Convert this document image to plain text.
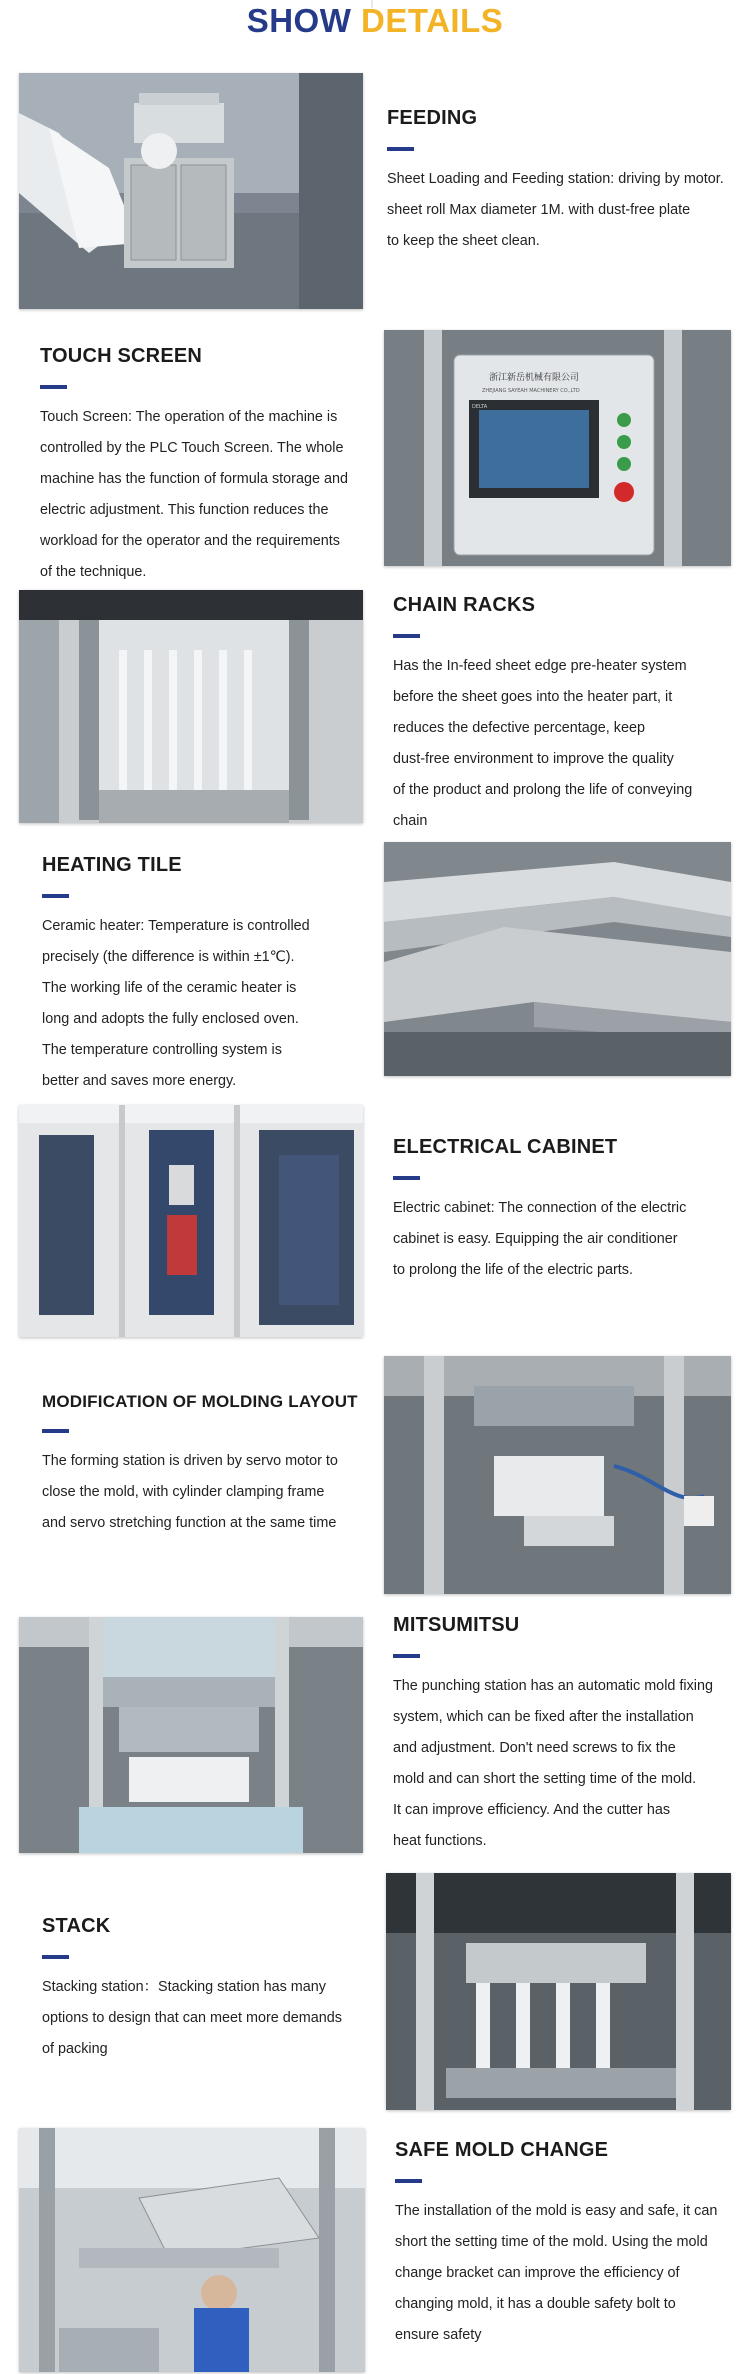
SHOW DETAILS
FEEDING

Sheet Loading and Feeding station: driving by motor.

sheet roll Max diameter 1M. with dust-free plate

to keep the sheet clean.

TOUCH SCREEN

Touch Screen: The operation of the machine is

controlled by the PLC Touch Screen. The whole

machine has the function of formula storage and

electric adjustment. This function reduces the

workload for the operator and the requirements

of the technique.

浙江新岳机械有限公司
ZHEJIANG SAYEAH MACHINERY CO.,LTD
DELTA
CHAIN RACKS

Has the In-feed sheet edge pre-heater system

before the sheet goes into the heater part, it

reduces the defective percentage, keep

dust-free environment to improve the quality

of the product and prolong the life of conveying

chain

HEATING TILE

Ceramic heater: Temperature is controlled

precisely (the difference is within ±1℃).

The working life of the ceramic heater is

long and adopts the fully enclosed oven.

The temperature controlling system is

better and saves more energy.

ELECTRICAL CABINET

Electric cabinet: The connection of the electric

cabinet is easy. Equipping the air conditioner

to prolong the life of the electric parts.

MODIFICATION OF MOLDING LAYOUT

The forming station is driven by servo motor to

close the mold, with cylinder clamping frame

and servo stretching function at the same time

MITSUMITSU

The punching station has an automatic mold fixing

system, which can be fixed after the installation

and adjustment. Don't need screws to fix the

mold and can short the setting time of the mold.

It can improve efficiency. And the cutter has

heat functions.

STACK

Stacking station：Stacking station has many

options to design that can meet more demands

of packing

SAFE MOLD CHANGE

The installation of the mold is easy and safe, it can

short the setting time of the mold. Using the mold

change bracket can improve the efficiency of

changing mold, it has a double safety bolt to

ensure safety
